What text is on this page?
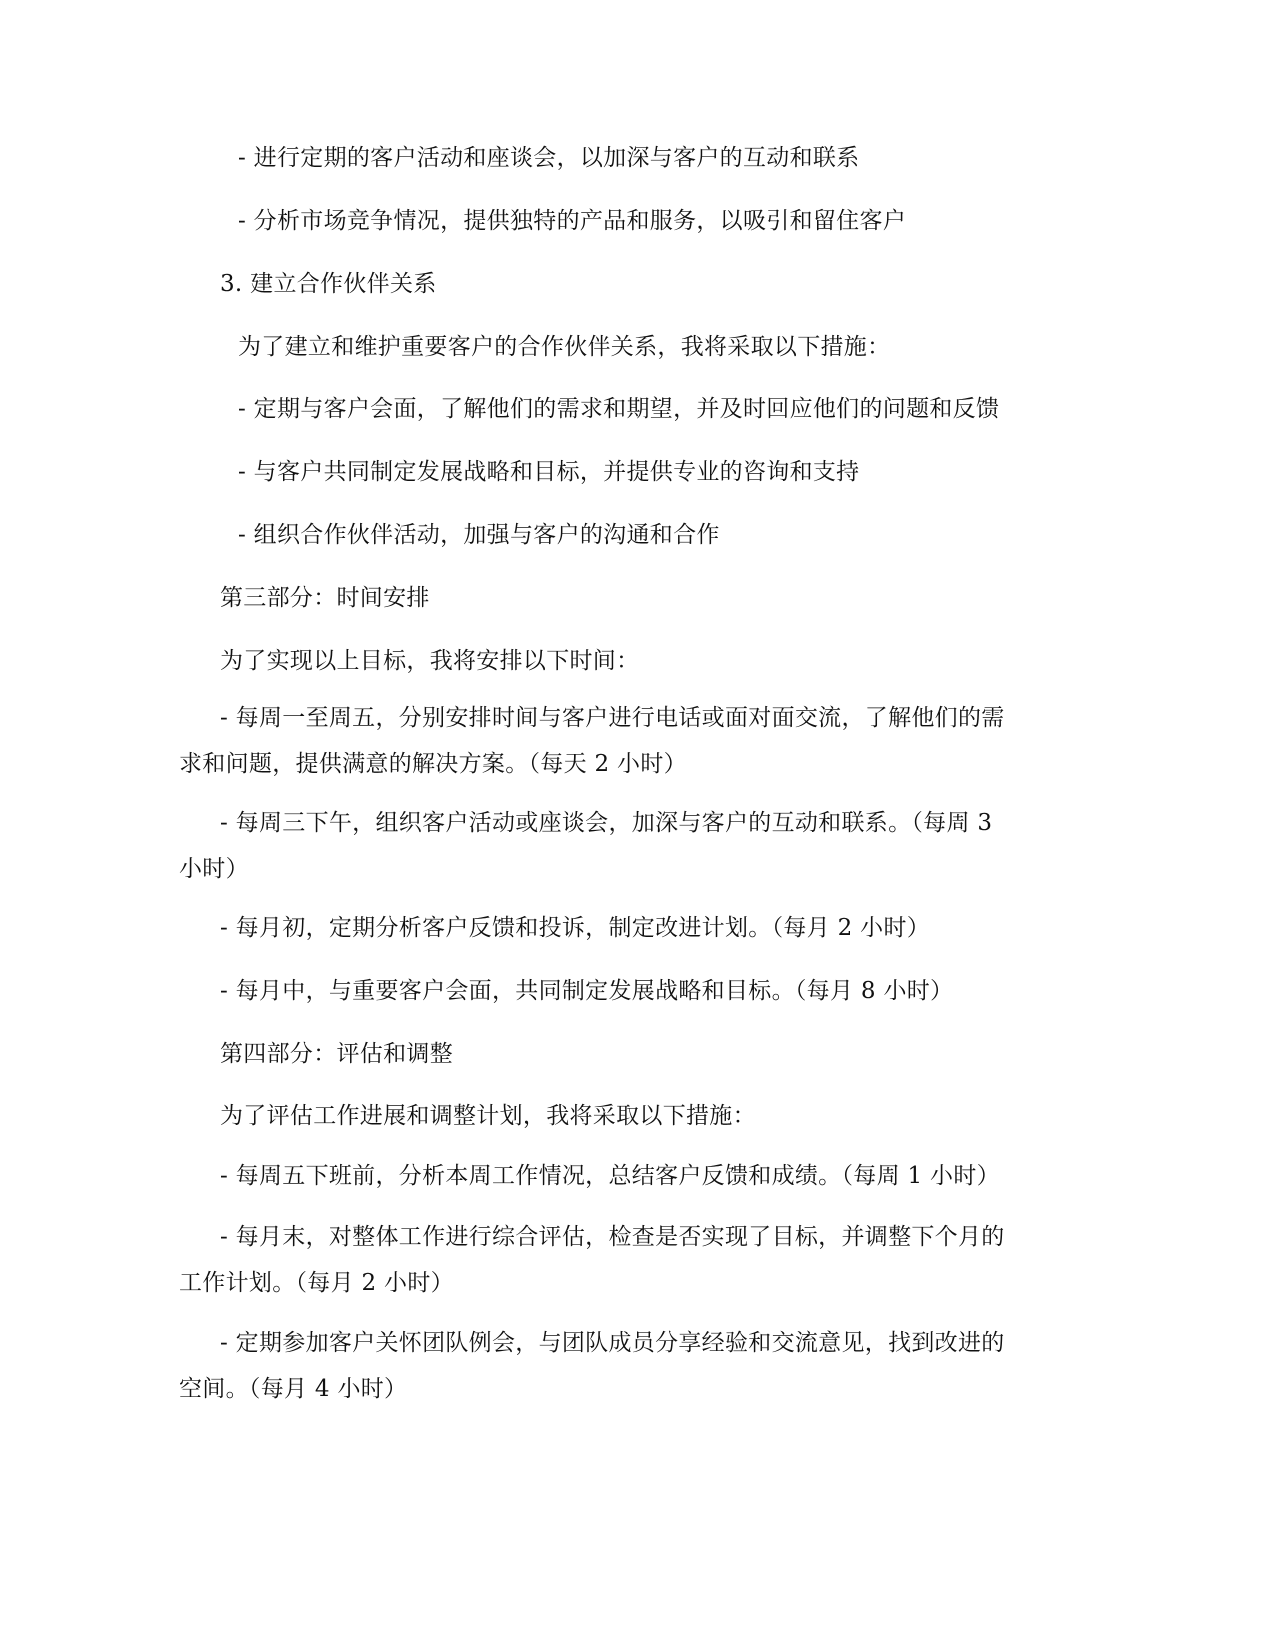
- 进行定期的客户活动和座谈会，以加深与客户的互动和联系

- 分析市场竞争情况，提供独特的产品和服务，以吸引和留住客户

3. 建立合作伙伴关系

为了建立和维护重要客户的合作伙伴关系，我将采取以下措施：

- 定期与客户会面，了解他们的需求和期望，并及时回应他们的问题和反馈

- 与客户共同制定发展战略和目标，并提供专业的咨询和支持

- 组织合作伙伴活动，加强与客户的沟通和合作

第三部分：时间安排

为了实现以上目标，我将安排以下时间：

- 每周一至周五，分别安排时间与客户进行电话或面对面交流，了解他们的需
求和问题，提供满意的解决方案。（每天 2 小时）
- 每周三下午，组织客户活动或座谈会，加深与客户的互动和联系。（每周 3
小时）

- 每月初，定期分析客户反馈和投诉，制定改进计划。（每月 2 小时）

- 每月中，与重要客户会面，共同制定发展战略和目标。（每月 8 小时）

第四部分：评估和调整

为了评估工作进展和调整计划，我将采取以下措施：

- 每周五下班前，分析本周工作情况，总结客户反馈和成绩。（每周 1 小时）

- 每月末，对整体工作进行综合评估，检查是否实现了目标，并调整下个月的
工作计划。（每月 2 小时）
- 定期参加客户关怀团队例会，与团队成员分享经验和交流意见，找到改进的
空间。（每月 4 小时）
